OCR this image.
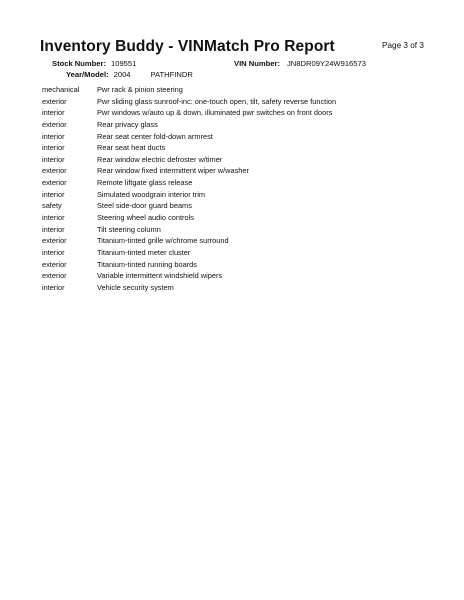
Inventory Buddy - VINMatch Pro Report	Page 3 of 3
Stock Number: 109551	VIN Number: JN8DR09Y24W916573
Year/Model: 2004	PATHFINDR
mechanical	Pwr rack & pinion steering
exterior	Pwr sliding glass sunroof-inc: one-touch open, tilt, safety reverse function
interior	Pwr windows w/auto up & down, illuminated pwr switches on front doors
exterior	Rear privacy glass
interior	Rear seat center fold-down armrest
interior	Rear seat heat ducts
interior	Rear window electric defroster w/timer
exterior	Rear window fixed intermittent wiper w/washer
exterior	Remote liftgate glass release
interior	Simulated woodgrain interior trim
safety	Steel side-door guard beams
interior	Steering wheel audio controls
interior	Tilt steering column
exterior	Titanium-tinted grille w/chrome surround
interior	Titanium-tinted meter cluster
exterior	Titanium-tinted running boards
exterior	Variable intermittent windshield wipers
interior	Vehicle security system
